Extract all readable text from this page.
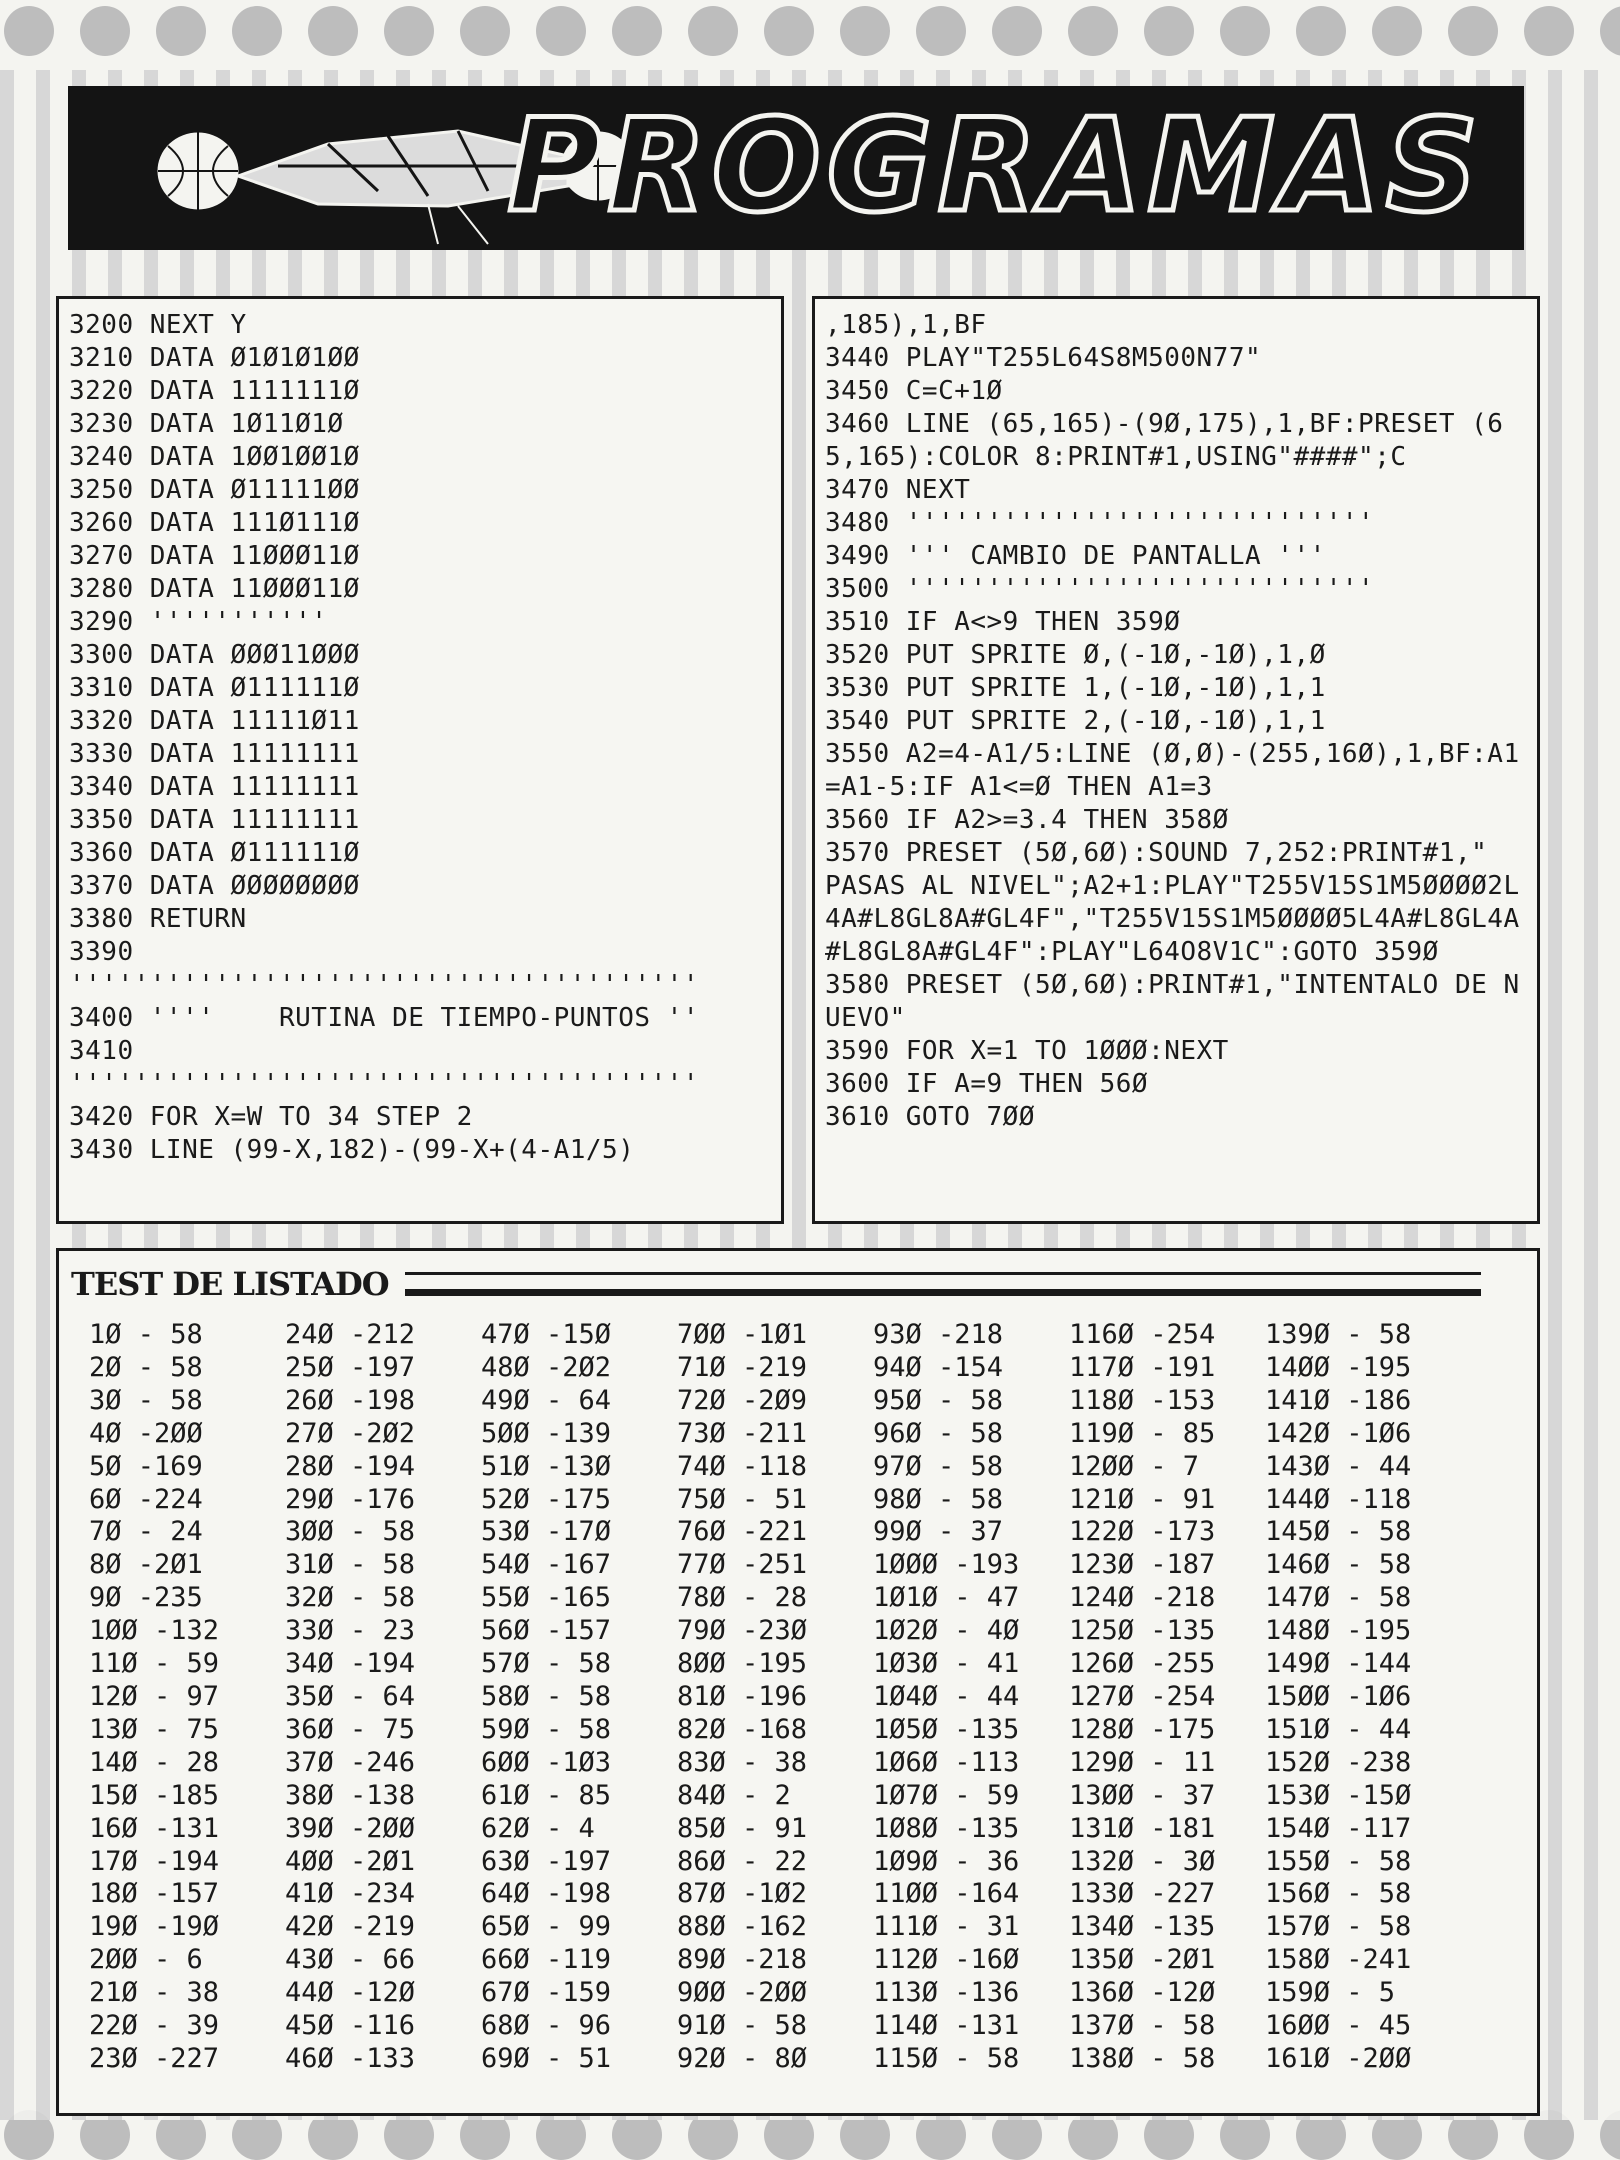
PROGRAMAS
3200 NEXT Y
3210 DATA Ø1Ø1Ø1ØØ
3220 DATA 1111111Ø
3230 DATA 1Ø11Ø1Ø
3240 DATA 1ØØ1ØØ1Ø
3250 DATA Ø11111ØØ
3260 DATA 111Ø111Ø
3270 DATA 11ØØØ11Ø
3280 DATA 11ØØØ11Ø
3290 '''''''''''
3300 DATA ØØØ11ØØØ
3310 DATA Ø111111Ø
3320 DATA 11111Ø11
3330 DATA 11111111
3340 DATA 11111111
3350 DATA 11111111
3360 DATA Ø111111Ø
3370 DATA ØØØØØØØØ
3380 RETURN
3390 '''''''''''''''''''''''''''''''''''''''
3400 ''''    RUTINA DE TIEMPO-PUNTOS ''
3410 '''''''''''''''''''''''''''''''''''''''
3420 FOR X=W TO 34 STEP 2
3430 LINE (99-X,182)-(99-X+(4-A1/5)
,185),1,BF
3440 PLAY"T255L64S8M500N77"
3450 C=C+1Ø
3460 LINE (65,165)-(9Ø,175),1,BF:PRESET (65,165):COLOR 8:PRINT#1,USING"####";C
3470 NEXT
3480 '''''''''''''''''''''''''''''
3490 ''' CAMBIO DE PANTALLA '''
3500 '''''''''''''''''''''''''''''
3510 IF A<>9 THEN 359Ø
3520 PUT SPRITE Ø,(-1Ø,-1Ø),1,Ø
3530 PUT SPRITE 1,(-1Ø,-1Ø),1,1
3540 PUT SPRITE 2,(-1Ø,-1Ø),1,1
3550 A2=4-A1/5:LINE (Ø,Ø)-(255,16Ø),1,BF:A1=A1-5:IF A1<=Ø THEN A1=3
3560 IF A2>=3.4 THEN 358Ø
3570 PRESET (5Ø,6Ø):SOUND 7,252:PRINT#1,"  PASAS AL NIVEL";A2+1:PLAY"T255V15S1M5ØØØØ2L4A#L8GL8A#GL4F","T255V15S1M5ØØØØ5L4A#L8GL4A#L8GL8A#GL4F":PLAY"L64O8V1C":GOTO 359Ø
3580 PRESET (5Ø,6Ø):PRINT#1,"INTENTALO DE NUEVO"
3590 FOR X=1 TO 1ØØØ:NEXT
3600 IF A=9 THEN 56Ø
3610 GOTO 7ØØ
TEST DE LISTADO
1Ø - 58
2Ø - 58
3Ø - 58
4Ø -2ØØ
5Ø -169
6Ø -224
7Ø - 24
8Ø -2Ø1
9Ø -235
1ØØ -132
11Ø - 59
12Ø - 97
13Ø - 75
14Ø - 28
15Ø -185
16Ø -131
17Ø -194
18Ø -157
19Ø -19Ø
2ØØ - 6
21Ø - 38
22Ø - 39
23Ø -227
24Ø -212
25Ø -197
26Ø -198
27Ø -2Ø2
28Ø -194
29Ø -176
3ØØ - 58
31Ø - 58
32Ø - 58
33Ø - 23
34Ø -194
35Ø - 64
36Ø - 75
37Ø -246
38Ø -138
39Ø -2ØØ
4ØØ -2Ø1
41Ø -234
42Ø -219
43Ø - 66
44Ø -12Ø
45Ø -116
46Ø -133
47Ø -15Ø
48Ø -2Ø2
49Ø - 64
5ØØ -139
51Ø -13Ø
52Ø -175
53Ø -17Ø
54Ø -167
55Ø -165
56Ø -157
57Ø - 58
58Ø - 58
59Ø - 58
6ØØ -1Ø3
61Ø - 85
62Ø - 4
63Ø -197
64Ø -198
65Ø - 99
66Ø -119
67Ø -159
68Ø - 96
69Ø - 51
7ØØ -1Ø1
71Ø -219
72Ø -2Ø9
73Ø -211
74Ø -118
75Ø - 51
76Ø -221
77Ø -251
78Ø - 28
79Ø -23Ø
8ØØ -195
81Ø -196
82Ø -168
83Ø - 38
84Ø - 2
85Ø - 91
86Ø - 22
87Ø -1Ø2
88Ø -162
89Ø -218
9ØØ -2ØØ
91Ø - 58
92Ø - 8Ø
93Ø -218
94Ø -154
95Ø - 58
96Ø - 58
97Ø - 58
98Ø - 58
99Ø - 37
1ØØØ -193
1Ø1Ø - 47
1Ø2Ø - 4Ø
1Ø3Ø - 41
1Ø4Ø - 44
1Ø5Ø -135
1Ø6Ø -113
1Ø7Ø - 59
1Ø8Ø -135
1Ø9Ø - 36
11ØØ -164
111Ø - 31
112Ø -16Ø
113Ø -136
114Ø -131
115Ø - 58
116Ø -254
117Ø -191
118Ø -153
119Ø - 85
12ØØ - 7
121Ø - 91
122Ø -173
123Ø -187
124Ø -218
125Ø -135
126Ø -255
127Ø -254
128Ø -175
129Ø - 11
13ØØ - 37
131Ø -181
132Ø - 3Ø
133Ø -227
134Ø -135
135Ø -2Ø1
136Ø -12Ø
137Ø - 58
138Ø - 58
139Ø - 58
14ØØ -195
141Ø -186
142Ø -1Ø6
143Ø - 44
144Ø -118
145Ø - 58
146Ø - 58
147Ø - 58
148Ø -195
149Ø -144
15ØØ -1Ø6
151Ø - 44
152Ø -238
153Ø -15Ø
154Ø -117
155Ø - 58
156Ø - 58
157Ø - 58
158Ø -241
159Ø - 5
16ØØ - 45
161Ø -2ØØ
